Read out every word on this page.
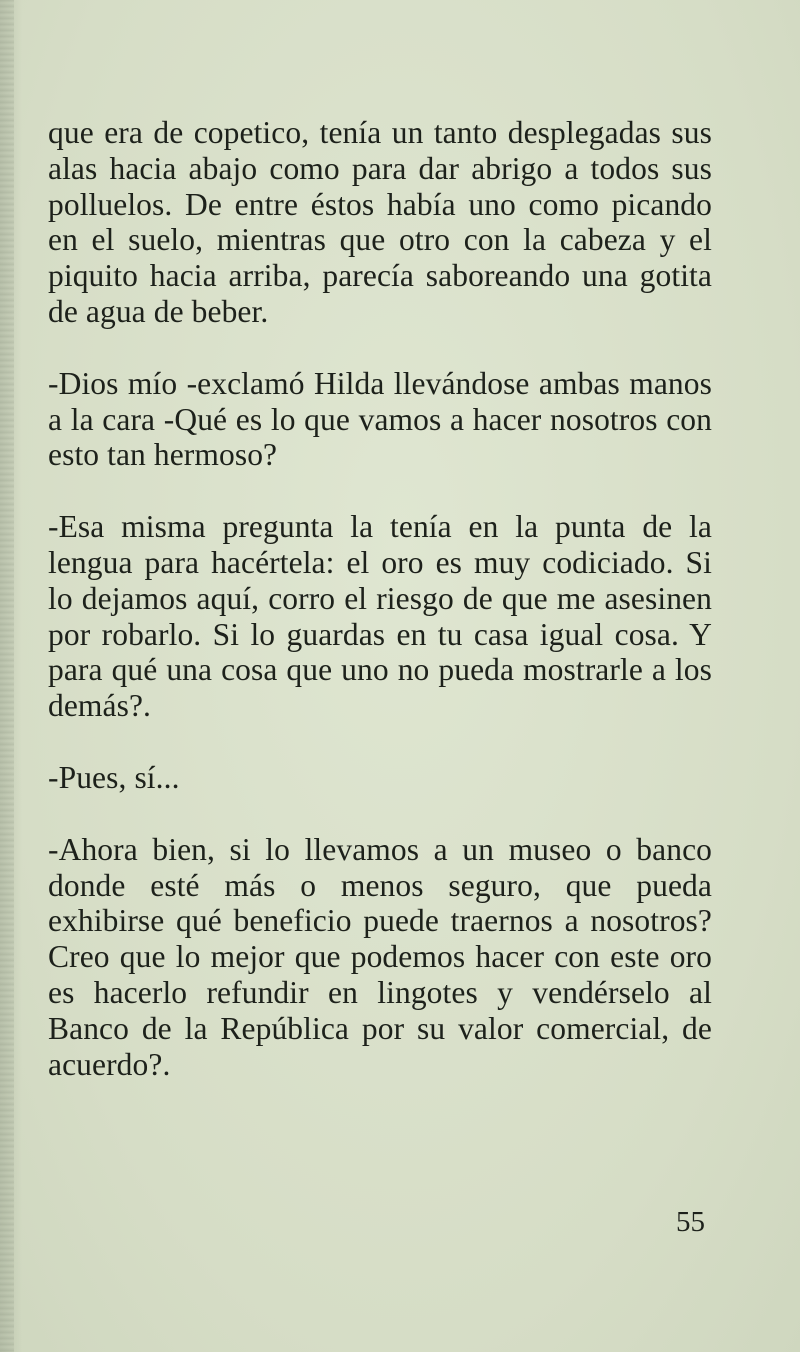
que era de copetico, tenía un tanto desplegadas sus alas hacia abajo como para dar abrigo a todos sus polluelos. De entre éstos había uno como picando en el suelo, mientras que otro con la cabeza y el piquito hacia arriba, parecía saboreando una gotita de agua de beber.

-Dios mío -exclamó Hilda llevándose ambas manos a la cara -Qué es lo que vamos a hacer nosotros con esto tan hermoso?

-Esa misma pregunta la tenía en la punta de la lengua para hacértela: el oro es muy codiciado. Si lo dejamos aquí, corro el riesgo de que me asesinen por robarlo. Si lo guardas en tu casa igual cosa. Y para qué una cosa que uno no pueda mostrarle a los demás?.

-Pues, sí...

-Ahora bien, si lo llevamos a un museo o banco donde esté más o menos seguro, que pueda exhibirse qué beneficio puede traernos a nosotros? Creo que lo mejor que podemos hacer con este oro es hacerlo refundir en lingotes y vendérselo al Banco de la República por su valor comercial, de acuerdo?.

55
